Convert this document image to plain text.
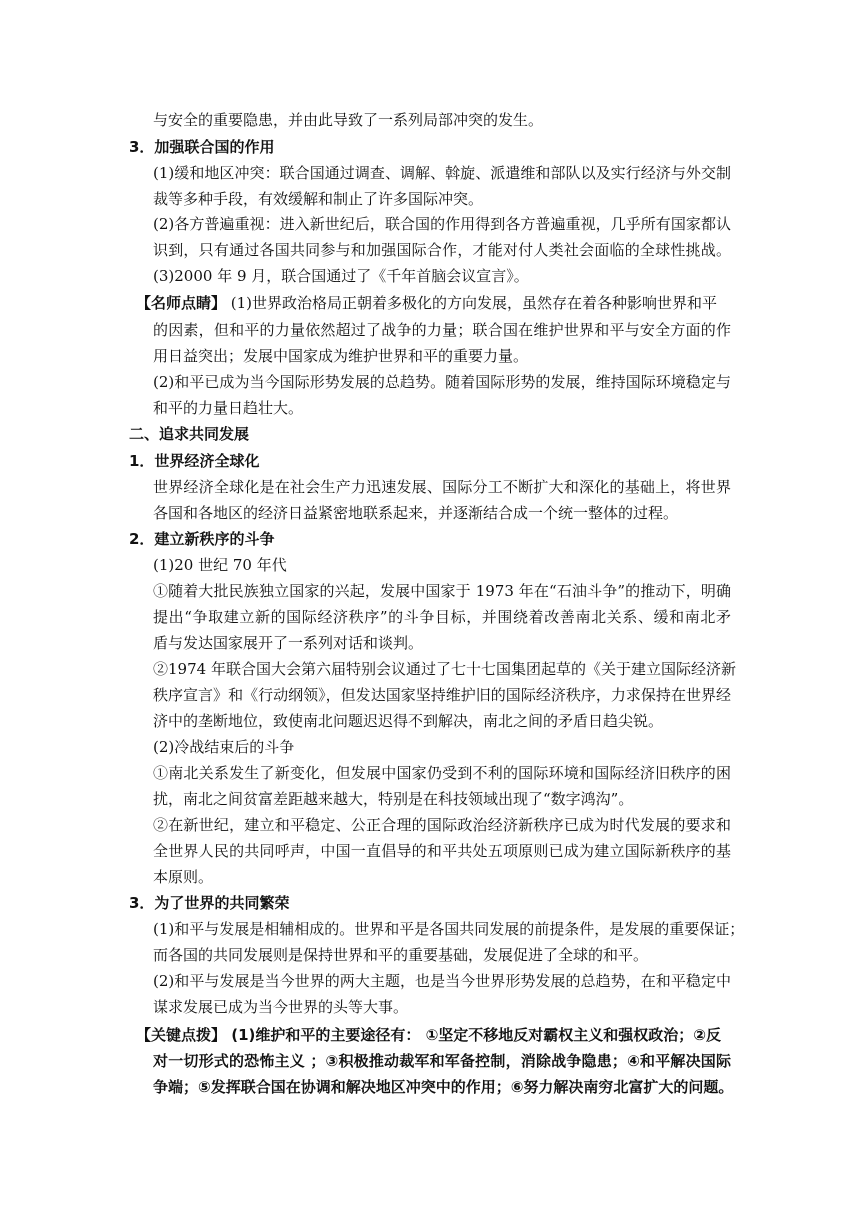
与安全的重要隐患，并由此导致了一系列局部冲突的发生。
3．加强联合国的作用
(1)缓和地区冲突：联合国通过调查、调解、斡旋、派遣维和部队以及实行经济与外交制
裁等多种手段，有效缓解和制止了许多国际冲突。
(2)各方普遍重视：进入新世纪后，联合国的作用得到各方普遍重视，几乎所有国家都认
识到，只有通过各国共同参与和加强国际合作，才能对付人类社会面临的全球性挑战。
(3)2000 年 9 月，联合国通过了《千年首脑会议宣言》。
【名师点睛】 (1)世界政治格局正朝着多极化的方向发展，虽然存在着各种影响世界和平
的因素，但和平的力量依然超过了战争的力量；联合国在维护世界和平与安全方面的作
用日益突出；发展中国家成为维护世界和平的重要力量。
(2)和平已成为当今国际形势发展的总趋势。随着国际形势的发展，维持国际环境稳定与
和平的力量日趋壮大。
二、追求共同发展
1．世界经济全球化
世界经济全球化是在社会生产力迅速发展、国际分工不断扩大和深化的基础上，将世界
各国和各地区的经济日益紧密地联系起来，并逐渐结合成一个统一整体的过程。
2．建立新秩序的斗争
(1)20 世纪 70 年代
①随着大批民族独立国家的兴起，发展中国家于 1973 年在“石油斗争”的推动下，明确
提出“争取建立新的国际经济秩序”的斗争目标，并围绕着改善南北关系、缓和南北矛
盾与发达国家展开了一系列对话和谈判。
②1974 年联合国大会第六届特别会议通过了七十七国集团起草的《关于建立国际经济新
秩序宣言》和《行动纲领》，但发达国家坚持维护旧的国际经济秩序，力求保持在世界经
济中的垄断地位，致使南北问题迟迟得不到解决，南北之间的矛盾日趋尖锐。
(2)冷战结束后的斗争
①南北关系发生了新变化，但发展中国家仍受到不利的国际环境和国际经济旧秩序的困
扰，南北之间贫富差距越来越大，特别是在科技领域出现了“数字鸿沟”。
②在新世纪，建立和平稳定、公正合理的国际政治经济新秩序已成为时代发展的要求和
全世界人民的共同呼声，中国一直倡导的和平共处五项原则已成为建立国际新秩序的基
本原则。
3．为了世界的共同繁荣
(1)和平与发展是相辅相成的。世界和平是各国共同发展的前提条件，是发展的重要保证；
而各国的共同发展则是保持世界和平的重要基础，发展促进了全球的和平。
(2)和平与发展是当今世界的两大主题，也是当今世界形势发展的总趋势，在和平稳定中
谋求发展已成为当今世界的头等大事。
【关键点拨】 (1)维护和平的主要途径有： ①坚定不移地反对霸权主义和强权政治；②反
对一切形式的恐怖主义 ；③积极推动裁军和军备控制，消除战争隐患；④和平解决国际
争端；⑤发挥联合国在协调和解决地区冲突中的作用；⑥努力解决南穷北富扩大的问题。
